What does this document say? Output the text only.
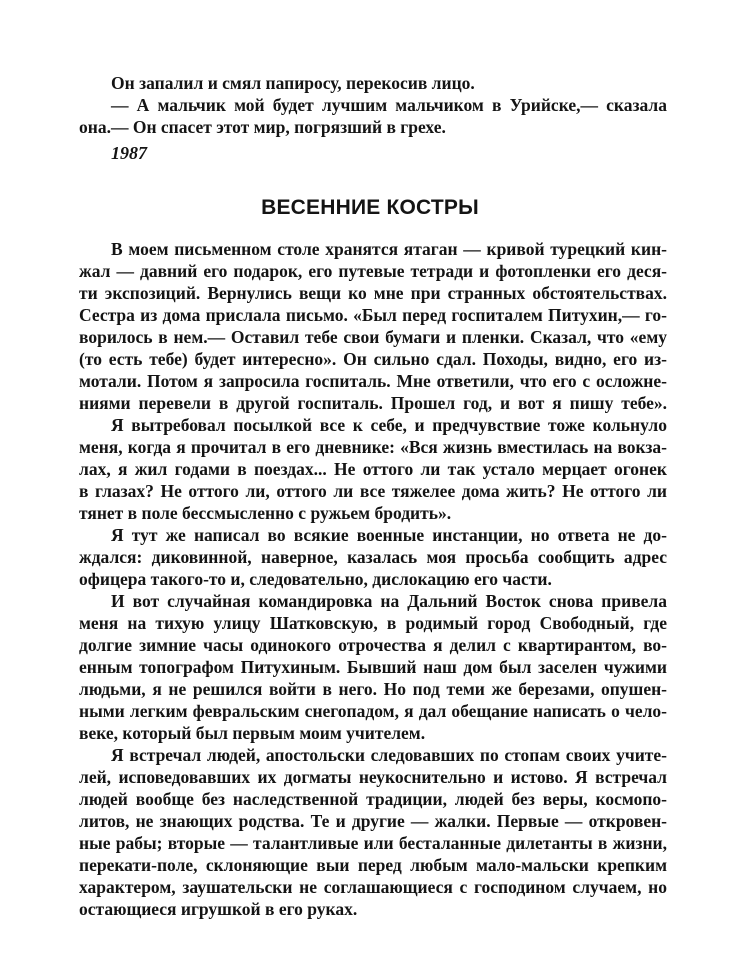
Он запалил и смял папиросу, перекосив лицо.
— А мальчик мой будет лучшим мальчиком в Урийске,— сказала
она.— Он спасет этот мир, погрязший в грехе.
1987
ВЕСЕННИЕ КОСТРЫ
В моем письменном столе хранятся ятаган — кривой турецкий кин-
жал — давний его подарок, его путевые тетради и фотопленки его деся-
ти экспозиций. Вернулись вещи ко мне при странных обстоятельствах.
Сестра из дома прислала письмо. «Был перед госпиталем Питухин,— го-
ворилось в нем.— Оставил тебе свои бумаги и пленки. Сказал, что «ему
(то есть тебе) будет интересно». Он сильно сдал. Походы, видно, его из-
мотали. Потом я запросила госпиталь. Мне ответили, что его с осложне-
ниями перевели в другой госпиталь. Прошел год, и вот я пишу тебе».
Я вытребовал посылкой все к себе, и предчувствие тоже кольнуло
меня, когда я прочитал в его дневнике: «Вся жизнь вместилась на вокза-
лах, я жил годами в поездах... Не оттого ли так устало мерцает огонек
в глазах? Не оттого ли, оттого ли все тяжелее дома жить? Не оттого ли
тянет в поле бессмысленно с ружьем бродить».
Я тут же написал во всякие военные инстанции, но ответа не до-
ждался: диковинной, наверное, казалась моя просьба сообщить адрес
офицера такого-то и, следовательно, дислокацию его части.
И вот случайная командировка на Дальний Восток снова привела
меня на тихую улицу Шатковскую, в родимый город Свободный, где
долгие зимние часы одинокого отрочества я делил с квартирантом, во-
енным топографом Питухиным. Бывший наш дом был заселен чужими
людьми, я не решился войти в него. Но под теми же березами, опушен-
ными легким февральским снегопадом, я дал обещание написать о чело-
веке, который был первым моим учителем.
Я встречал людей, апостольски следовавших по стопам своих учите-
лей, исповедовавших их догматы неукоснительно и истово. Я встречал
людей вообще без наследственной традиции, людей без веры, космопо-
литов, не знающих родства. Те и другие — жалки. Первые — откровен-
ные рабы; вторые — талантливые или бесталанные дилетанты в жизни,
перекати-поле, склоняющие выи перед любым мало-мальски крепким
характером, заушательски не соглашающиеся с господином случаем, но
остающиеся игрушкой в его руках.
